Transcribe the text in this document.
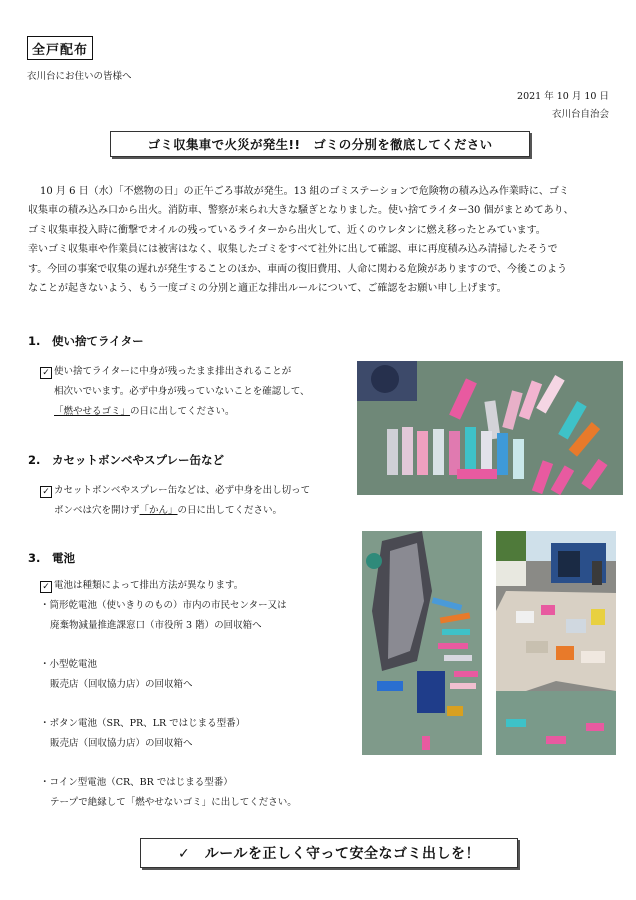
全戸配布
衣川台にお住いの皆様へ
2021 年 10 月 10 日
衣川台自治会
ゴミ収集車で火災が発生!!　ゴミの分別を徹底してください

10 月 6 日（水）「不燃物の日」の正午ごろ事故が発生。13 組のゴミステーションで危険物の積み込み作業時に、ゴミ

収集車の積み込み口から出火。消防車、警察が来られ大きな騒ぎとなりました。使い捨てライター30 個がまとめてあり、
ゴミ収集車投入時に衝撃でオイルの残っているライターから出火して、近くのウレタンに燃え移ったとみています。
幸いゴミ収集車や作業員には被害はなく、収集したゴミをすべて社外に出して確認、車に再度積み込み清掃したそうで
す。今回の事案で収集の遅れが発生することのほか、車両の復旧費用、人命に関わる危険がありますので、今後このよう
なことが起きないよう、もう一度ゴミの分別と適正な排出ルールについて、ご確認をお願い申し上げます。
1. 使い捨てライター
✓ 使い捨てライターに中身が残ったまま排出されることが
相次いでいます。必ず中身が残っていないことを確認して、
「燃やせるゴミ」の日に出してください。
2. カセットボンベやスプレー缶など
✓ カセットボンベやスプレー缶などは、必ず中身を出し切って
ボンベは穴を開けず「かん」の日に出してください。
3. 電池
✓ 電池は種類によって排出方法が異なります。
・筒形乾電池（使いきりのもの）市内の市民センター又は
廃棄物減量推進課窓口（市役所 3 階）の回収箱へ
・小型乾電池
販売店（回収協力店）の回収箱へ
・ボタン電池（SR、PR、LR ではじまる型番）
販売店（回収協力店）の回収箱へ
・コイン型電池（CR、BR ではじまる型番）
テープで絶縁して「燃やせないゴミ」に出してください。
✓　ルールを正しく守って安全なゴミ出しを！
